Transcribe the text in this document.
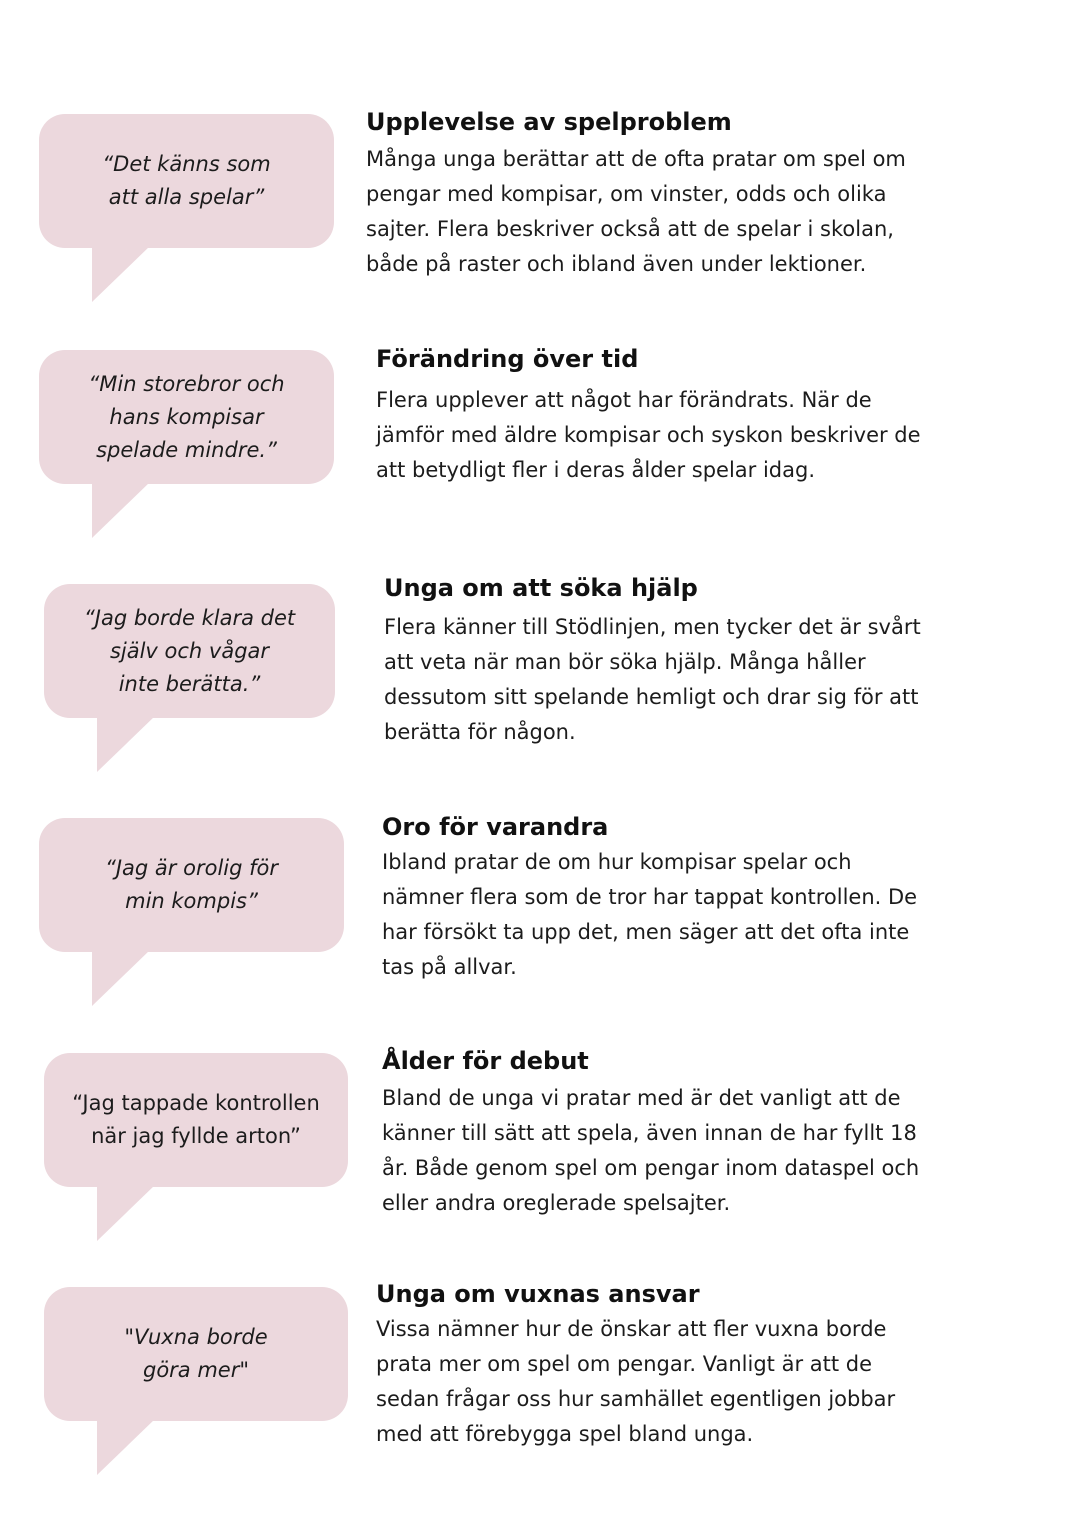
“Det känns som
att alla spelar”
Upplevelse av spelproblem
Många unga berättar att de ofta pratar om spel om
pengar med kompisar, om vinster, odds och olika
sajter. Flera beskriver också att de spelar i skolan,
både på raster och ibland även under lektioner.
“Min storebror och
hans kompisar
spelade mindre.”
Förändring över tid
Flera upplever att något har förändrats. När de
jämför med äldre kompisar och syskon beskriver de
att betydligt fler i deras ålder spelar idag.
“Jag borde klara det
själv och vågar
inte berätta.”
Unga om att söka hjälp
Flera känner till Stödlinjen, men tycker det är svårt
att veta när man bör söka hjälp. Många håller
dessutom sitt spelande hemligt och drar sig för att
berätta för någon.
“Jag är orolig för
min kompis”
Oro för varandra
Ibland pratar de om hur kompisar spelar och
nämner flera som de tror har tappat kontrollen. De
har försökt ta upp det, men säger att det ofta inte
tas på allvar.
“Jag tappade kontrollen
när jag fyllde arton”
Ålder för debut
Bland de unga vi pratar med är det vanligt att de
känner till sätt att spela, även innan de har fyllt 18
år. Både genom spel om pengar inom dataspel och
eller andra oreglerade spelsajter.
"Vuxna borde
göra mer"
Unga om vuxnas ansvar
Vissa nämner hur de önskar att fler vuxna borde
prata mer om spel om pengar. Vanligt är att de
sedan frågar oss hur samhället egentligen jobbar
med att förebygga spel bland unga.
